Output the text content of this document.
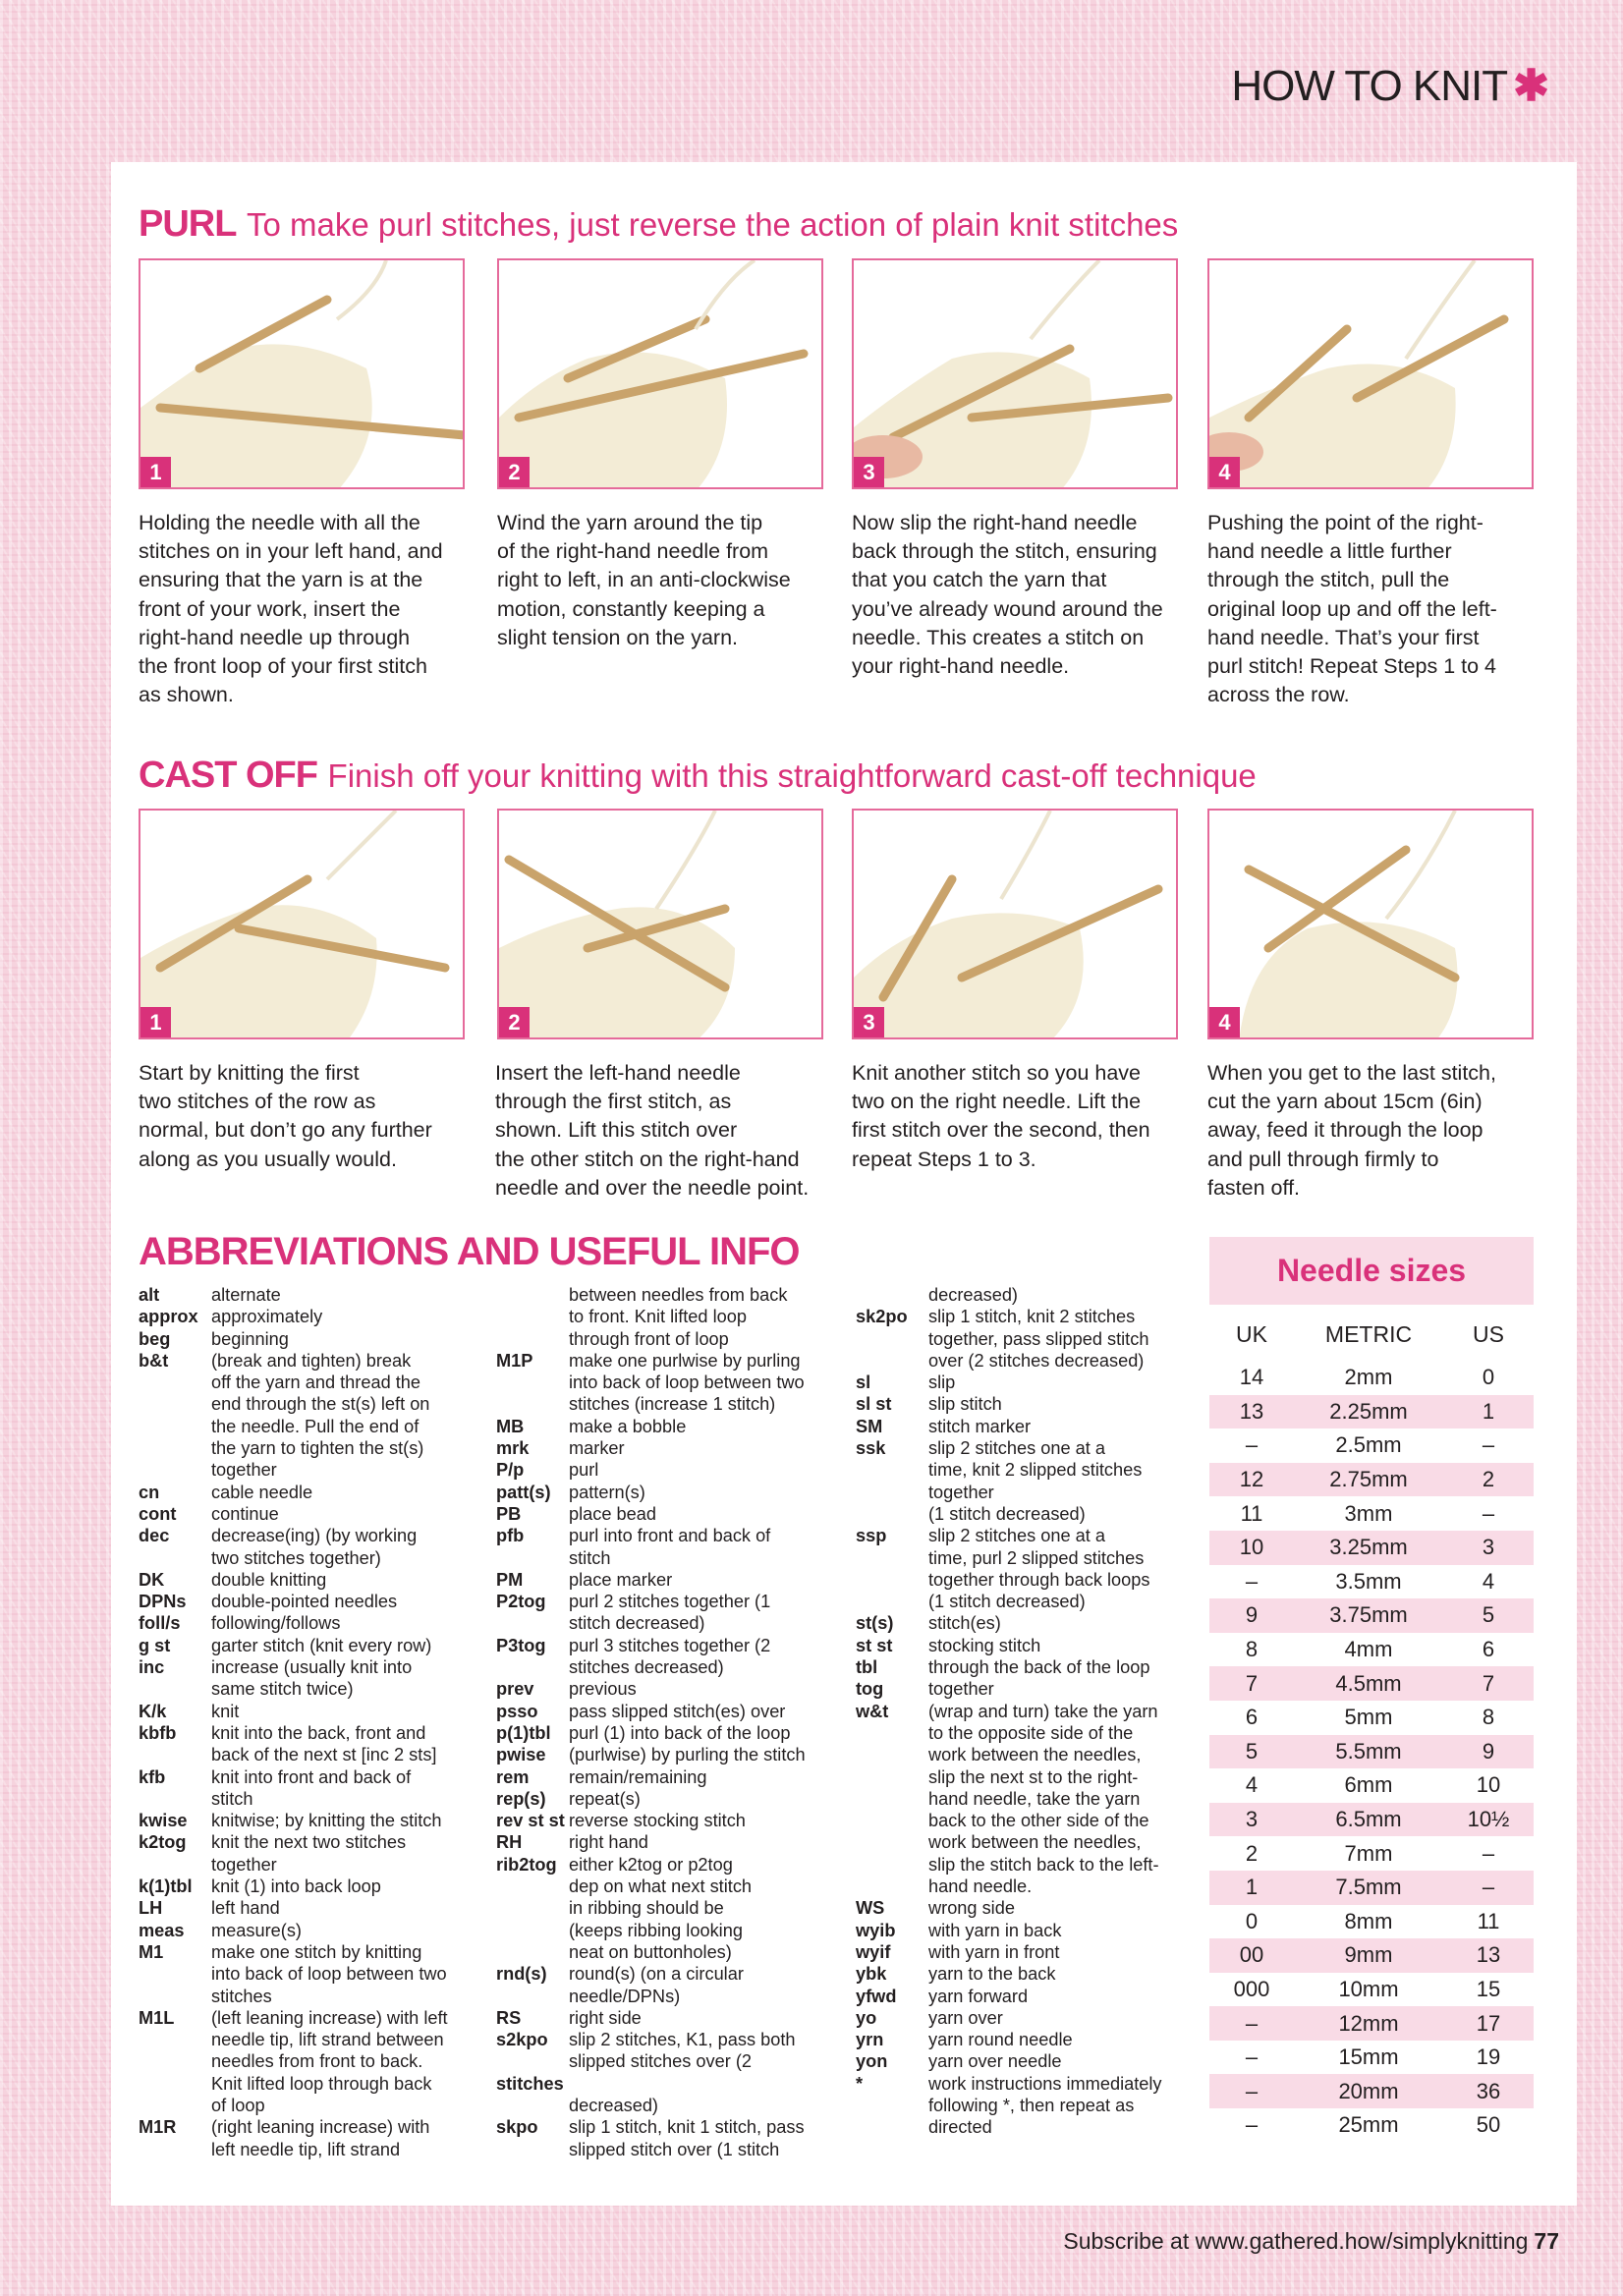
HOW TO KNIT ✱
PURL To make purl stitches, just reverse the action of plain knit stitches
1	2	3	4
Holding the needle with all the
stitches on in your left hand, and
ensuring that the yarn is at the
front of your work, insert the
right-hand needle up through
the front loop of your first stitch
as shown.
Wind the yarn around the tip
of the right-hand needle from
right to left, in an anti-clockwise
motion, constantly keeping a
slight tension on the yarn.
Now slip the right-hand needle
back through the stitch, ensuring
that you catch the yarn that
you’ve already wound around the
needle. This creates a stitch on
your right-hand needle.
Pushing the point of the right-
hand needle a little further
through the stitch, pull the
original loop up and off the left-
hand needle. That’s your first
purl stitch! Repeat Steps 1 to 4
across the row.
CAST OFF Finish off your knitting with this straightforward cast-off technique
1	2	3	4
Start by knitting the first
two stitches of the row as
normal, but don’t go any further
along as you usually would.
Insert the left-hand needle
through the first stitch, as
shown. Lift this stitch over
the other stitch on the right-hand
needle and over the needle point.
Knit another stitch so you have
two on the right needle. Lift the
first stitch over the second, then
repeat Steps 1 to 3.
When you get to the last stitch,
cut the yarn about 15cm (6in)
away, feed it through the loop
and pull through firmly to
fasten off.
ABBREVIATIONS AND USEFUL INFO
alt	alternate
approx approximately
beg	beginning
b&t	(break and tighten) break
off the yarn and thread the
end through the st(s) left on
the needle. Pull the end of
the yarn to tighten the st(s)
together
cn	cable needle
cont	continue
dec	decrease(ing) (by working
two stitches together)
DK	double knitting
DPNs	double-pointed needles
foll/s	following/follows
g st	garter stitch (knit every row)
inc	increase (usually knit into
same stitch twice)
K/k	knit
kbfb	knit into the back, front and
back of the next st [inc 2 sts]
kfb	knit into front and back of
stitch
kwise	knitwise; by knitting the stitch
k2tog	knit the next two stitches
together
k(1)tbl	knit (1) into back loop
LH	left hand
meas	measure(s)
M1	make one stitch by knitting
into back of loop between two
stitches
M1L	(left leaning increase) with left
needle tip, lift strand between
needles from front to back.
Knit lifted loop through back
of loop
M1R	(right leaning increase) with
left needle tip, lift strand
between needles from back
to front. Knit lifted loop
through front of loop
M1P	make one purlwise by purling
into back of loop between two
stitches (increase 1 stitch)
MB	make a bobble
mrk	marker
P/p	purl
patt(s)	pattern(s)
PB	place bead
pfb	purl into front and back of
stitch
PM	place marker
P2tog	purl 2 stitches together (1
stitch decreased)
P3tog	purl 3 stitches together (2
stitches decreased)
prev	previous
psso	pass slipped stitch(es) over
p(1)tbl	purl (1) into back of the loop
pwise	(purlwise) by purling the stitch
rem	remain/remaining
rep(s)	repeat(s)
rev st st reverse stocking stitch
RH	right hand
rib2tog either k2tog or p2tog
dep on what next stitch
in ribbing should be
(keeps ribbing looking
neat on buttonholes)
rnd(s)	round(s) (on a circular
needle/DPNs)
RS	right side
s2kpo	slip 2 stitches, K1, pass both
slipped stitches over (2
stitches
decreased)
skpo	slip 1 stitch, knit 1 stitch, pass
slipped stitch over (1 stitch
decreased)
sk2po	slip 1 stitch, knit 2 stitches
together, pass slipped stitch
over (2 stitches decreased)
sl	slip
sl st	slip stitch
SM	stitch marker
ssk	slip 2 stitches one at a
time, knit 2 slipped stitches
together
(1 stitch decreased)
ssp	slip 2 stitches one at a
time, purl 2 slipped stitches
together through back loops
(1 stitch decreased)
st(s)	stitch(es)
st st	stocking stitch
tbl	through the back of the loop
tog	together
w&t	(wrap and turn) take the yarn
to the opposite side of the
work between the needles,
slip the next st to the right-
hand needle, take the yarn
back to the other side of the
work between the needles,
slip the stitch back to the left-
hand needle.
WS	wrong side
wyib	with yarn in back
wyif	with yarn in front
ybk	yarn to the back
yfwd	yarn forward
yo	yarn over
yrn	yarn round needle
yon	yarn over needle
*	work instructions immediately
following *, then repeat as
directed
Needle sizes
UK	METRIC	US
14	2mm	0
13	2.25mm	1
–	2.5mm	–
12	2.75mm	2
11	3mm	–
10	3.25mm	3
–	3.5mm	4
9	3.75mm	5
8	4mm	6
7	4.5mm	7
6	5mm	8
5	5.5mm	9
4	6mm	10
3	6.5mm	10½
2	7mm	–
1	7.5mm	–
0	8mm	11
00	9mm	13
000	10mm	15
–	12mm	17
–	15mm	19
–	20mm	36
–	25mm	50
Subscribe at www.gathered.how/simplyknitting 77
